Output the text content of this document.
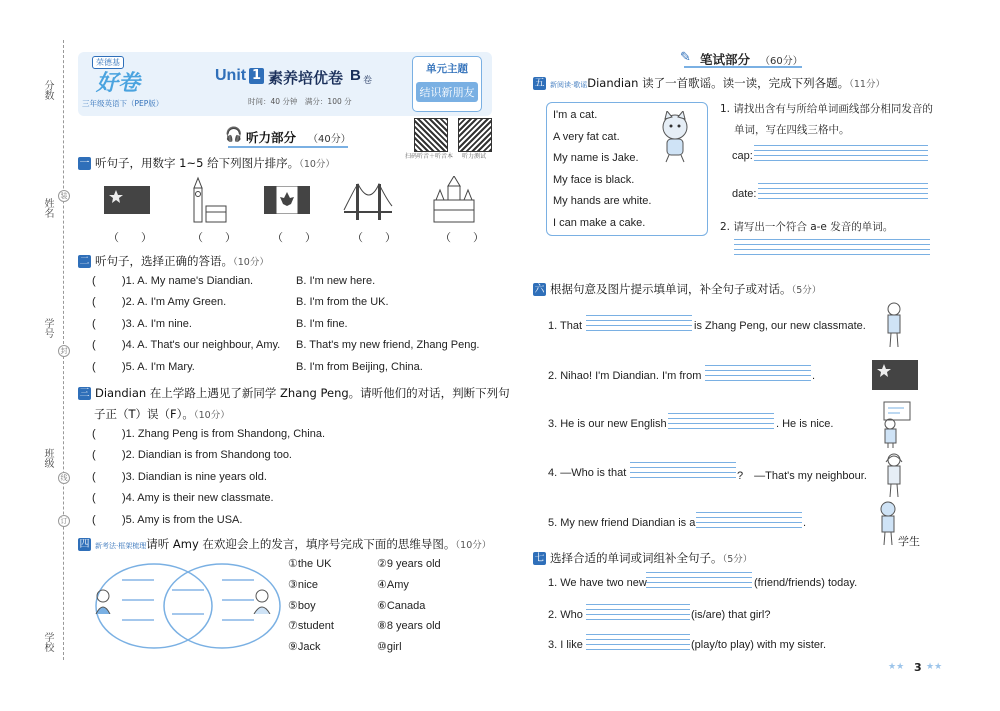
分数
姓名
学号
班级
学校
装
封
线
订
荣德基
好卷
三年级英语下（PEP版）
Unit 1 素养培优卷 B 卷
时间：40 分钟　满分：100 分
单元主题
结识新朋友
扫码听音＋听音本 听力测试
🎧 听力部分 （40分）
一 听句子，用数字 1~5 给下列图片排序。（10分）
（　　）	（　　）	（　　）	（　　）	（　　）
二 听句子，选择正确的答语。（10分）
( )1. A. My name's Diandian.	B. I'm new here.
( )2. A. I'm Amy Green.	B. I'm from the UK.
( )3. A. I'm nine.	B. I'm fine.
( )4. A. That's our neighbour, Amy. B. That's my new friend, Zhang Peng.
( )5. A. I'm Mary.	B. I'm from Beijing, China.
三 Diandian 在上学路上遇见了新同学 Zhang Peng。请听他们的对话，判断下列句
子正（T）误（F）。（10分）
( )1. Zhang Peng is from Shandong, China.
( )2. Diandian is from Shandong too.
( )3. Diandian is nine years old.
( )4. Amy is their new classmate.
( )5. Amy is from the USA.
四 新考法·框架梳理请听 Amy 在欢迎会上的发言，填序号完成下面的思维导图。（10分）
①the UK	②9 years old
③nice	④Amy
⑤boy	⑥Canada
⑦student	⑧8 years old
⑨Jack	⑩girl
✎ 笔试部分 （60分）
五 新阅读·歌谣Diandian 读了一首歌谣。读一读，完成下列各题。（11分）
I'm a cat.
A very fat cat.
My name is Jake.
My face is black.
My hands are white.
I can make a cake.
1. 请找出含有与所给单词画线部分相同发音的
单词，写在四线三格中。
cap:
date:
2. 请写出一个符合 a-e 发音的单词。
六 根据句意及图片提示填单词，补全句子或对话。（5分）
1. That	is Zhang Peng, our new classmate.
2. Nihao! I'm Diandian. I'm from	.
3. He is our new English	. He is nice.
4. —Who is that	?　—That's my neighbour.
5. My new friend Diandian is a	.
学生
七 选择合适的单词或词组补全句子。（5分）
1. We have two new	(friend/friends) today.
2. Who	(is/are) that girl?
3. I like	(play/to play) with my sister.
★★ 3 ★★
